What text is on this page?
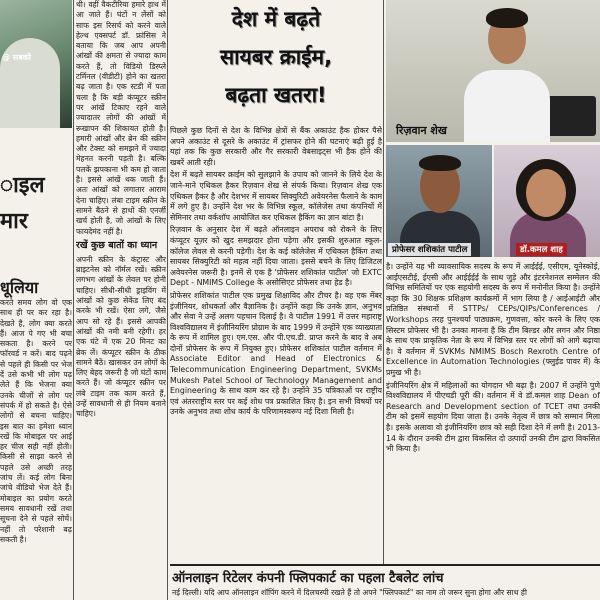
@ सबको
ाइल
मार
धूलिया
करते समय लोग वो एक साथ ही पर कर रहा है। देखते है, लोग क्या करते हैं। आज पे गए भी बचा सकता है। करने पर फॉरवर्ड न करें। बाद पढ़ने से पहले ही किसी पर भेज दें उसे कभी भी लोग पढ़ लेते हैं कि भेजना क्या उनके चीजों से लोग पर संपर्क में हो सकते है। ऐसे लोगों से बचना चाहिए। इस बात का हमेशा ध्यान रखें कि मोबाइल पर आई हर चीज सही नहीं होती। किसी से साझा करने से पहले उसे अच्छी तरह जांच लें। कई लोग बिना जांचे वीडियो भेज देते हैं। मोबाइल का प्रयोग करते समय सावधानी रखें तथा सूचना देने से पहले सोचें। नहीं तो परेशानी बढ़ सकती है।
थी। वहीं वैकटीरिया हमारे हाथ में आ जाते हैं। घंटों न लेंसों को साफ इस रिसर्च को करने वाले हेल्थ एक्सपर्ट डॉ. फ्रांसिस ने बताया कि जब आप अपनी आंखों की क्षमता से ज्यादा काम करते हैं, तो विडियो डिस्प्ले टर्मिनल (वीडीटी) होने का खतरा बढ़ जाता है। एक स्टडी में पता चला है कि बड़ी कंप्यूटर स्क्रीन पर आंखें टिकाए रहने वाले ज्यादातर लोगों की आंखों में रूखापन की शिकायत होती है। हमारी आंखों और ब्रेन की स्क्रीन और टेक्स्ट को समझने में ज्यादा मेहनत करनी पड़ती है। बल्कि पलकें झपकाना भी कम हो जाता है। इससे आंखें थक जाती हैं। अतः आंखों को लगातार आराम देना चाहिए। लंबा टाइम स्क्रीन के सामने बैठने से हाथों की एनर्जी खर्च होती है, जो आंखों के लिए फायदेमंद नहीं है।
रखें कुछ बातों का ध्यान
अपनी स्क्रीन के कंट्रास्ट और ब्राइटनेस को नॉर्मल रखें। स्क्रीन लगभग आंखों के लेवल पर होनी चाहिए। सीधी-सीधी ड्राइविंग में आंखों को कुछ सेकेंड लिए बंद करके भी रखें। ऐसा लगे, जैसे आप सो रहे हैं। इससे आपकी आंखों की नमी बनी रहेगी। हर एक घंटे में एक 20 मिनट का ब्रेक लें। कंप्यूटर स्क्रीन के ठीक सामने बैठें। खासकर उन लोगों के लिए बेहद जरूरी है जो घंटों काम करते हैं। जो कंप्यूटर स्क्रीन पर लंबे टाइम तक काम करते हैं, उन्हें सावधानी से ही नियम बनाने चाहिए।
देश में बढ़ते
सायबर क्राईम,
बढ़ता खतरा!

पिछले कुछ दिनों से देश के विभिन्न क्षेत्रों से बैंक अकाउंट हैक होकर पैसे अपने अकाउंट से दूसरे के अकाउंट में ट्रांसफर होने की घटनाएं बढ़ी हुई है यहां तक कि कुछ सरकारी और गैर सरकारी वेबसाइट्स भी हैक होने की खबरें आती रही।

देश में बढ़ते सायबर क्राईम को सुलझाने के उपाय को जानने के लिये देश के जाने-माने एथिकल हैकर रिज़वान शेख से संपर्क किया। रिज़वान शेख एक एथिकल हैकर है और देशभर में सायबर सिक्युरिटी अवेयरनेस फैलाने के काम में लगे हुए है। उन्होंने देश भर के विभिन्न स्कूल, कॉलेजेस तथा कंपनियों में सेमिनार तथा वर्कशॉप आयोजित कर एथिकल हैकिंग का ज्ञान बांटा है।

रिज़वान के अनुसार देश में बढ़ते ऑनलाइन अपराध को रोकने के लिए कंप्यूटर यूज़र को खुद समझदार होना पड़ेगा और इसकी शुरुआत स्कूल-कॉलेज लेवल से करनी पड़ेगी। देश के कई कॉलेजेस में एथिकल हैकिंग तथा सायबर सिक्युरिटी को महत्व नहीं दिया जाता। इससे बचने के लिए डिजिटल अवेयरनेस जरूरी है। इनमें से एक है 'प्रोफेसर शशिकांत पाटील' जो EXTC Dept - NMIMS College के असोसिएट प्रोफेसर तथा हेड है।

प्रोफेसर शशिकांत पाटील एक प्रमुख शिक्षाविद और टीचर है। वह एक मेंबर इंजीनियर, शोधकर्ता और वैज्ञानिक है। उन्होंने कहा कि उनके ज्ञान, अनुभव और सेवा ने उन्हें अलग पहचान दिलाई है। वे पाटील 1991 में उत्तर महाराष्ट्र विश्वविद्यालय में इंजीनियरिंग प्रोग्राम के बाद 1999 में उन्होंने एक व्याख्याता के रूप में शामिल हुए। एम.एस. और पी.एच.डी. प्राप्त करने के बाद वे अब दोनों प्रोफेसर के रूप में नियुक्त हुए। प्रोफेसर शशिकांत पाटील वर्तमान में Associate Editor and Head of Electronics & Telecommunication Engineering Department, SVKMs Mukesh Patel School of Technology Management and Engineering के साथ काम कर रहे है। उन्होंने 35 पत्रिकाओं पर राष्ट्रीय एवं अंतरराष्ट्रीय स्तर पर कई शोध पत्र प्रकाशित किए है। इन सभी विषयों पर उनके अनुभव तथा शोध कार्य के परिणामस्वरूप नई दिशा मिली है।

रिज़वान शेख
प्रोफेसर शशिकांत पाटील	डॉ.कमल शाह

है। उन्होंने यह भी व्यावसायिक सदस्य के रूप में आईईई, एसीएम, यूनेस्कोई, आईएसटीई, ईएसी और आईईईई के साथ जुड़े और इंटरनेशनल सम्मेलन की विभिन्न समितियों पर एक सहयोगी सदस्य के रूप में मनोनीत किया है। उन्होंने कहा कि 30 शिक्षक प्रशिक्षण कार्यक्रमों में भाग लिया है / आईआईटी और प्रतिष्ठित संस्थानों में STTPs/ CEPs/QIPs/Conferences / Workshops तरह पुनश्चर्या पाठ्यक्रम, गुणवत्ता, कोर करने के लिए एक सिस्टम प्रोफेसर भी है। उनका मानना है कि टीम बिल्डर और लगन और निष्ठा के साथ एक प्राकृतिक नेता के रूप में विभिन्न स्तर पर लोगों को आगे बढ़ाया है। वे वर्तमान में SVKMs NMIMS Bosch Rexroth Centre of Excellence in Automation Technologies (फ्लुईड पावर में) के प्रमुख भी है।

इंजीनियरिंग क्षेत्र में महिलाओं का योगदान भी बढ़ा है। 2007 में उन्होंने पुणे विश्वविद्यालय में पीएचडी पूरी की। वर्तमान में वे डॉ.कमल शाह Dean of Research and Development section of TCET तथा उनकी टीम को इसमें सहयोग दिया जाता है। उनके नेतृत्व में छात्र को सम्मान मिला है। इसके अलावा वो इंजीनियरिंग छात्र को सही दिशा देने में लगी है। 2013-14 के दौरान उनकी टीम द्वारा विकसित दो उत्पादों उनकी टीम द्वारा विकसित भी किया है।

ऑनलाइन रिटेलर कंपनी फ्लिपकार्ट का पहला टैबलेट लांच
नई दिल्ली। यदि आप ऑनलाइन शॉपिंग करने में दिलचस्पी रखते हैं तो अपने "फ्लिपकार्ट" का नाम तो जरूर सुना होगा और साथ ही
